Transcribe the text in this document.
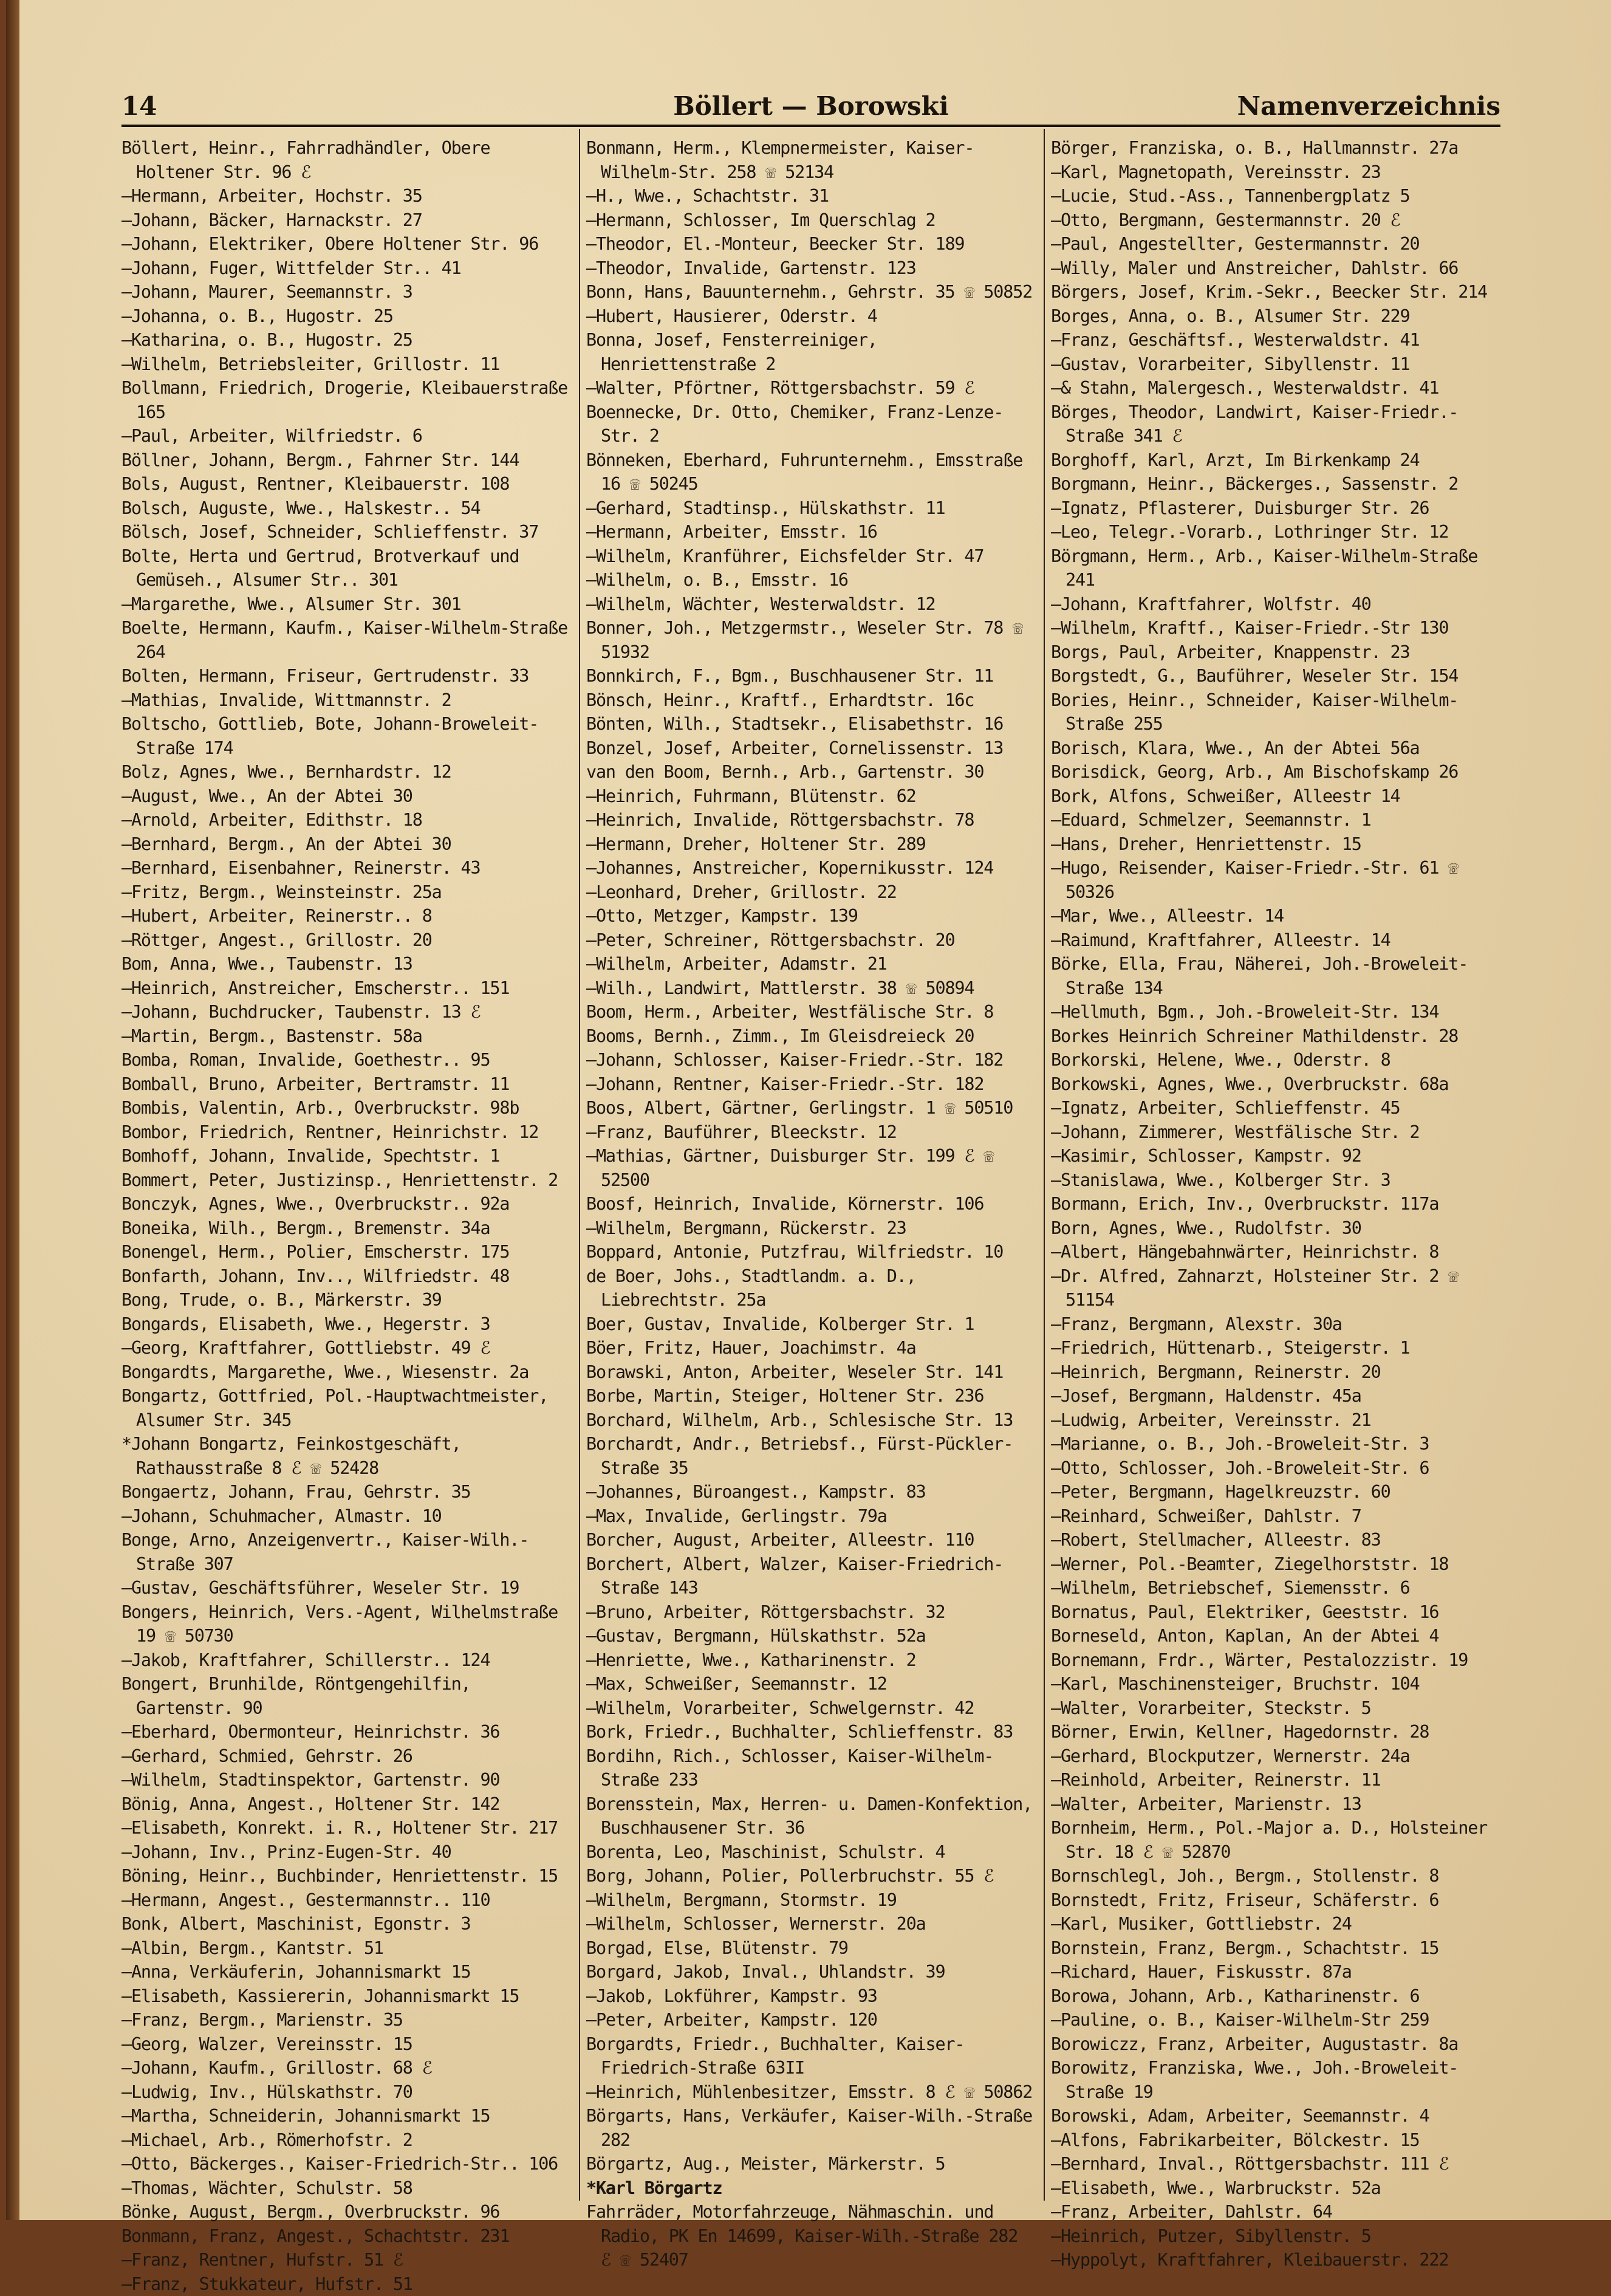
Böllert — Borowski
14	Namenverzeichnis
Böllert, Heinr., Fahrradhändler, Obere Holtener Str. 96 ℰ
—Hermann, Arbeiter, Hochstr. 35
—Johann, Bäcker, Harnackstr. 27
—Johann, Elektriker, Obere Holtener Str. 96
—Johann, Fuger, Wittfelder Str.. 41
—Johann, Maurer, Seemannstr. 3
—Johanna, o. B., Hugostr. 25
—Katharina, o. B., Hugostr. 25
—Wilhelm, Betriebsleiter, Grillostr. 11
Bollmann, Friedrich, Drogerie, Kleibauerstraße 165
—Paul, Arbeiter, Wilfriedstr. 6
Böllner, Johann, Bergm., Fahrner Str. 144
Bols, August, Rentner, Kleibauerstr. 108
Bolsch, Auguste, Wwe., Halskestr.. 54
Bölsch, Josef, Schneider, Schlieffenstr. 37
Bolte, Herta und Gertrud, Brotverkauf und Gemüseh., Alsumer Str.. 301
—Margarethe, Wwe., Alsumer Str. 301
Boelte, Hermann, Kaufm., Kaiser-Wilhelm-Straße 264
Bolten, Hermann, Friseur, Gertrudenstr. 33
—Mathias, Invalide, Wittmannstr. 2
Boltscho, Gottlieb, Bote, Johann-Broweleit-Straße 174
Bolz, Agnes, Wwe., Bernhardstr. 12
—August, Wwe., An der Abtei 30
—Arnold, Arbeiter, Edithstr. 18
—Bernhard, Bergm., An der Abtei 30
—Bernhard, Eisenbahner, Reinerstr. 43
—Fritz, Bergm., Weinsteinstr. 25a
—Hubert, Arbeiter, Reinerstr.. 8
—Röttger, Angest., Grillostr. 20
Bom, Anna, Wwe., Taubenstr. 13
—Heinrich, Anstreicher, Emscherstr.. 151
—Johann, Buchdrucker, Taubenstr. 13 ℰ
—Martin, Bergm., Bastenstr. 58a
Bomba, Roman, Invalide, Goethestr.. 95
Bomball, Bruno, Arbeiter, Bertramstr. 11
Bombis, Valentin, Arb., Overbruckstr. 98b
Bombor, Friedrich, Rentner, Heinrichstr. 12
Bomhoff, Johann, Invalide, Spechtstr. 1
Bommert, Peter, Justizinsp., Henriettenstr. 2
Bonczyk, Agnes, Wwe., Overbruckstr.. 92a
Boneika, Wilh., Bergm., Bremenstr. 34a
Bonengel, Herm., Polier, Emscherstr. 175
Bonfarth, Johann, Inv.., Wilfriedstr. 48
Bong, Trude, o. B., Märkerstr. 39
Bongards, Elisabeth, Wwe., Hegerstr. 3
—Georg, Kraftfahrer, Gottliebstr. 49 ℰ
Bongardts, Margarethe, Wwe., Wiesenstr. 2a
Bongartz, Gottfried, Pol.-Hauptwachtmeister, Alsumer Str. 345
*Johann Bongartz, Feinkostgeschäft, Rathausstraße 8 ℰ ☏ 52428
Bongaertz, Johann, Frau, Gehrstr. 35
—Johann, Schuhmacher, Almastr. 10
Bonge, Arno, Anzeigenvertr., Kaiser-Wilh.-Straße 307
—Gustav, Geschäftsführer, Weseler Str. 19
Bongers, Heinrich, Vers.-Agent, Wilhelmstraße 19 ☏ 50730
—Jakob, Kraftfahrer, Schillerstr.. 124
Bongert, Brunhilde, Röntgengehilfin, Gartenstr. 90
—Eberhard, Obermonteur, Heinrichstr. 36
—Gerhard, Schmied, Gehrstr. 26
—Wilhelm, Stadtinspektor, Gartenstr. 90
Bönig, Anna, Angest., Holtener Str. 142
—Elisabeth, Konrekt. i. R., Holtener Str. 217
—Johann, Inv., Prinz-Eugen-Str. 40
Böning, Heinr., Buchbinder, Henriettenstr. 15
—Hermann, Angest., Gestermannstr.. 110
Bonk, Albert, Maschinist, Egonstr. 3
—Albin, Bergm., Kantstr. 51
—Anna, Verkäuferin, Johannismarkt 15
—Elisabeth, Kassiererin, Johannismarkt 15
—Franz, Bergm., Marienstr. 35
—Georg, Walzer, Vereinsstr. 15
—Johann, Kaufm., Grillostr. 68 ℰ
—Ludwig, Inv., Hülskathstr. 70
—Martha, Schneiderin, Johannismarkt 15
—Michael, Arb., Römerhofstr. 2
—Otto, Bäckerges., Kaiser-Friedrich-Str.. 106
—Thomas, Wächter, Schulstr. 58
Bönke, August, Bergm., Overbruckstr. 96
Bonmann, Franz, Angest., Schachtstr. 231
—Franz, Rentner, Hufstr. 51 ℰ
—Franz, Stukkateur, Hufstr. 51
Bonmann, Herm., Klempnermeister, Kaiser-Wilhelm-Str. 258 ☏ 52134
—H., Wwe., Schachtstr. 31
—Hermann, Schlosser, Im Querschlag 2
—Theodor, El.-Monteur, Beecker Str. 189
—Theodor, Invalide, Gartenstr. 123
Bonn, Hans, Bauunternehm., Gehrstr. 35 ☏ 50852
—Hubert, Hausierer, Oderstr. 4
Bonna, Josef, Fensterreiniger, Henriettenstraße 2
—Walter, Pförtner, Röttgersbachstr. 59 ℰ
Boennecke, Dr. Otto, Chemiker, Franz-Lenze-Str. 2
Bönneken, Eberhard, Fuhrunternehm., Emsstraße 16 ☏ 50245
—Gerhard, Stadtinsp., Hülskathstr. 11
—Hermann, Arbeiter, Emsstr. 16
—Wilhelm, Kranführer, Eichsfelder Str. 47
—Wilhelm, o. B., Emsstr. 16
—Wilhelm, Wächter, Westerwaldstr. 12
Bonner, Joh., Metzgermstr., Weseler Str. 78 ☏ 51932
Bonnkirch, F., Bgm., Buschhausener Str. 11
Bönsch, Heinr., Kraftf., Erhardtstr. 16c
Bönten, Wilh., Stadtsekr., Elisabethstr. 16
Bonzel, Josef, Arbeiter, Cornelissenstr. 13
van den Boom, Bernh., Arb., Gartenstr. 30
—Heinrich, Fuhrmann, Blütenstr. 62
—Heinrich, Invalide, Röttgersbachstr. 78
—Hermann, Dreher, Holtener Str. 289
—Johannes, Anstreicher, Kopernikusstr. 124
—Leonhard, Dreher, Grillostr. 22
—Otto, Metzger, Kampstr. 139
—Peter, Schreiner, Röttgersbachstr. 20
—Wilhelm, Arbeiter, Adamstr. 21
—Wilh., Landwirt, Mattlerstr. 38 ☏ 50894
Boom, Herm., Arbeiter, Westfälische Str. 8
Booms, Bernh., Zimm., Im Gleisdreieck 20
—Johann, Schlosser, Kaiser-Friedr.-Str. 182
—Johann, Rentner, Kaiser-Friedr.-Str. 182
Boos, Albert, Gärtner, Gerlingstr. 1 ☏ 50510
—Franz, Bauführer, Bleeckstr. 12
—Mathias, Gärtner, Duisburger Str. 199 ℰ ☏ 52500
Boosf, Heinrich, Invalide, Körnerstr. 106
—Wilhelm, Bergmann, Rückerstr. 23
Boppard, Antonie, Putzfrau, Wilfriedstr. 10
de Boer, Johs., Stadtlandm. a. D., Liebrechtstr. 25a
Boer, Gustav, Invalide, Kolberger Str. 1
Böer, Fritz, Hauer, Joachimstr. 4a
Borawski, Anton, Arbeiter, Weseler Str. 141
Borbe, Martin, Steiger, Holtener Str. 236
Borchard, Wilhelm, Arb., Schlesische Str. 13
Borchardt, Andr., Betriebsf., Fürst-Pückler-Straße 35
—Johannes, Büroangest., Kampstr. 83
—Max, Invalide, Gerlingstr. 79a
Borcher, August, Arbeiter, Alleestr. 110
Borchert, Albert, Walzer, Kaiser-Friedrich-Straße 143
—Bruno, Arbeiter, Röttgersbachstr. 32
—Gustav, Bergmann, Hülskathstr. 52a
—Henriette, Wwe., Katharinenstr. 2
—Max, Schweißer, Seemannstr. 12
—Wilhelm, Vorarbeiter, Schwelgernstr. 42
Bork, Friedr., Buchhalter, Schlieffenstr. 83
Bordihn, Rich., Schlosser, Kaiser-Wilhelm-Straße 233
Borensstein, Max, Herren- u. Damen-Konfektion, Buschhausener Str. 36
Borenta, Leo, Maschinist, Schulstr. 4
Borg, Johann, Polier, Pollerbruchstr. 55 ℰ
—Wilhelm, Bergmann, Stormstr. 19
—Wilhelm, Schlosser, Wernerstr. 20a
Borgad, Else, Blütenstr. 79
Borgard, Jakob, Inval., Uhlandstr. 39
—Jakob, Lokführer, Kampstr. 93
—Peter, Arbeiter, Kampstr. 120
Borgardts, Friedr., Buchhalter, Kaiser-Friedrich-Straße 63II
—Heinrich, Mühlenbesitzer, Emsstr. 8 ℰ ☏ 50862
Börgarts, Hans, Verkäufer, Kaiser-Wilh.-Straße 282
Börgartz, Aug., Meister, Märkerstr. 5
*Karl Börgartz
Fahrräder, Motorfahrzeuge, Nähmaschin. und Radio, PK En 14699, Kaiser-Wilh.-Straße 282 ℰ ☏ 52407
Börger, Franziska, o. B., Hallmannstr. 27a
—Karl, Magnetopath, Vereinsstr. 23
—Lucie, Stud.-Ass., Tannenbergplatz 5
—Otto, Bergmann, Gestermannstr. 20 ℰ
—Paul, Angestellter, Gestermannstr. 20
—Willy, Maler und Anstreicher, Dahlstr. 66
Börgers, Josef, Krim.-Sekr., Beecker Str. 214
Borges, Anna, o. B., Alsumer Str. 229
—Franz, Geschäftsf., Westerwaldstr. 41
—Gustav, Vorarbeiter, Sibyllenstr. 11
—& Stahn, Malergesch., Westerwaldstr. 41
Börges, Theodor, Landwirt, Kaiser-Friedr.-Straße 341 ℰ
Borghoff, Karl, Arzt, Im Birkenkamp 24
Borgmann, Heinr., Bäckerges., Sassenstr. 2
—Ignatz, Pflasterer, Duisburger Str. 26
—Leo, Telegr.-Vorarb., Lothringer Str. 12
Börgmann, Herm., Arb., Kaiser-Wilhelm-Straße 241
—Johann, Kraftfahrer, Wolfstr. 40
—Wilhelm, Kraftf., Kaiser-Friedr.-Str 130
Borgs, Paul, Arbeiter, Knappenstr. 23
Borgstedt, G., Bauführer, Weseler Str. 154
Bories, Heinr., Schneider, Kaiser-Wilhelm-Straße 255
Borisch, Klara, Wwe., An der Abtei 56a
Borisdick, Georg, Arb., Am Bischofskamp 26
Bork, Alfons, Schweißer, Alleestr 14
—Eduard, Schmelzer, Seemannstr. 1
—Hans, Dreher, Henriettenstr. 15
—Hugo, Reisender, Kaiser-Friedr.-Str. 61 ☏ 50326
—Mar, Wwe., Alleestr. 14
—Raimund, Kraftfahrer, Alleestr. 14
Börke, Ella, Frau, Näherei, Joh.-Broweleit-Straße 134
—Hellmuth, Bgm., Joh.-Broweleit-Str. 134
Borkes Heinrich Schreiner Mathildenstr. 28
Borkorski, Helene, Wwe., Oderstr. 8
Borkowski, Agnes, Wwe., Overbruckstr. 68a
—Ignatz, Arbeiter, Schlieffenstr. 45
—Johann, Zimmerer, Westfälische Str. 2
—Kasimir, Schlosser, Kampstr. 92
—Stanislawa, Wwe., Kolberger Str. 3
Bormann, Erich, Inv., Overbruckstr. 117a
Born, Agnes, Wwe., Rudolfstr. 30
—Albert, Hängebahnwärter, Heinrichstr. 8
—Dr. Alfred, Zahnarzt, Holsteiner Str. 2 ☏ 51154
—Franz, Bergmann, Alexstr. 30a
—Friedrich, Hüttenarb., Steigerstr. 1
—Heinrich, Bergmann, Reinerstr. 20
—Josef, Bergmann, Haldenstr. 45a
—Ludwig, Arbeiter, Vereinsstr. 21
—Marianne, o. B., Joh.-Broweleit-Str. 3
—Otto, Schlosser, Joh.-Broweleit-Str. 6
—Peter, Bergmann, Hagelkreuzstr. 60
—Reinhard, Schweißer, Dahlstr. 7
—Robert, Stellmacher, Alleestr. 83
—Werner, Pol.-Beamter, Ziegelhorststr. 18
—Wilhelm, Betriebschef, Siemensstr. 6
Bornatus, Paul, Elektriker, Geeststr. 16
Borneseld, Anton, Kaplan, An der Abtei 4
Bornemann, Frdr., Wärter, Pestalozzistr. 19
—Karl, Maschinensteiger, Bruchstr. 104
—Walter, Vorarbeiter, Steckstr. 5
Börner, Erwin, Kellner, Hagedornstr. 28
—Gerhard, Blockputzer, Wernerstr. 24a
—Reinhold, Arbeiter, Reinerstr. 11
—Walter, Arbeiter, Marienstr. 13
Bornheim, Herm., Pol.-Major a. D., Holsteiner Str. 18 ℰ ☏ 52870
Bornschlegl, Joh., Bergm., Stollenstr. 8
Bornstedt, Fritz, Friseur, Schäferstr. 6
—Karl, Musiker, Gottliebstr. 24
Bornstein, Franz, Bergm., Schachtstr. 15
—Richard, Hauer, Fiskusstr. 87a
Borowa, Johann, Arb., Katharinenstr. 6
—Pauline, o. B., Kaiser-Wilhelm-Str 259
Borowiczz, Franz, Arbeiter, Augustastr. 8a
Borowitz, Franziska, Wwe., Joh.-Broweleit-Straße 19
Borowski, Adam, Arbeiter, Seemannstr. 4
—Alfons, Fabrikarbeiter, Bölckestr. 15
—Bernhard, Inval., Röttgersbachstr. 111 ℰ
—Elisabeth, Wwe., Warbruckstr. 52a
—Franz, Arbeiter, Dahlstr. 64
—Heinrich, Putzer, Sibyllenstr. 5
—Hyppolyt, Kraftfahrer, Kleibauerstr. 222
